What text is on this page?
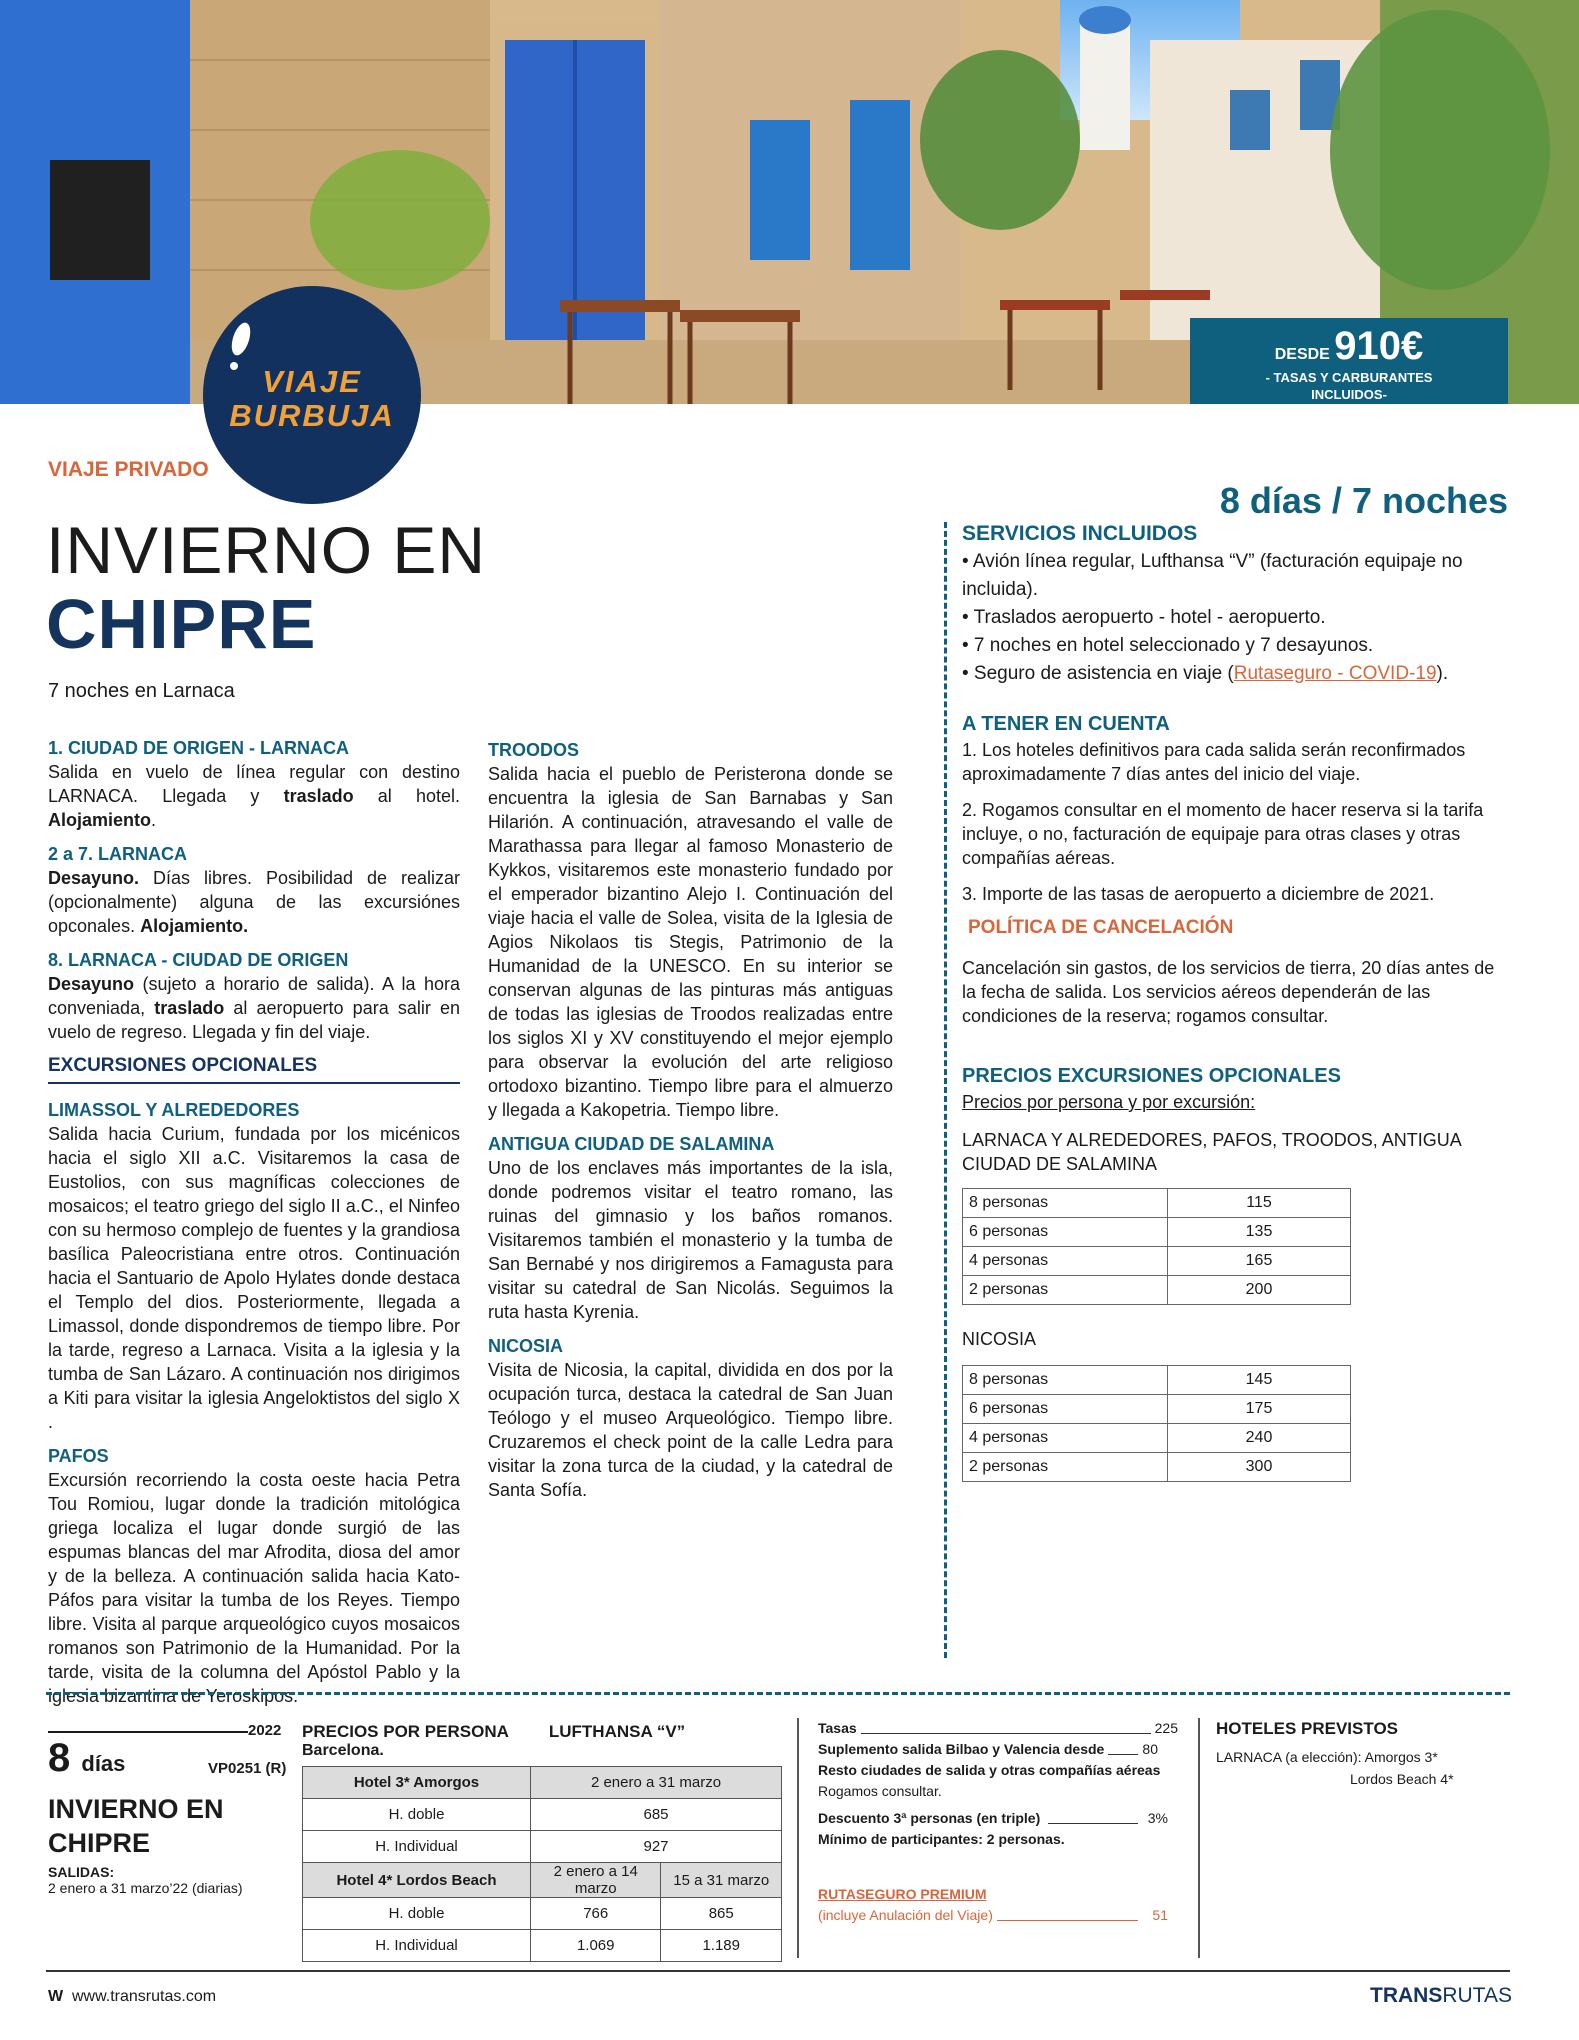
DESDE 910€
- TASAS Y CARBURANTES
INCLUIDOS-
VIAJE
BURBUJA
VIAJE PRIVADO
INVIERNO EN
CHIPRE
7 noches en Larnaca
8 días / 7 noches
1. CIUDAD DE ORIGEN - LARNACA

Salida en vuelo de línea regular con destino LARNACA. Llegada y traslado al hotel. Alojamiento.

2 a 7. LARNACA

Desayuno. Días libres. Posibilidad de realizar (opcionalmente) alguna de las excursiónes opconales. Alojamiento.

8. LARNACA - CIUDAD DE ORIGEN

Desayuno (sujeto a horario de salida). A la hora conveniada, traslado al aeropuerto para salir en vuelo de regreso. Llegada y fin del viaje.

EXCURSIONES OPCIONALES
LIMASSOL Y ALREDEDORES

Salida hacia Curium, fundada por los micénicos hacia el siglo XII a.C. Visitaremos la casa de Eustolios, con sus magníficas colecciones de mosaicos; el teatro griego del siglo II a.C., el Ninfeo con su hermoso complejo de fuentes y la grandiosa basílica Paleocristiana entre otros. Continuación hacia el Santuario de Apolo Hylates donde destaca el Templo del dios. Posteriormente, llegada a Limassol, donde dispondremos de tiempo libre. Por la tarde, regreso a Larnaca. Visita a la iglesia y la tumba de San Lázaro. A continuación nos dirigimos a Kiti para visitar la iglesia Angeloktistos del siglo X .

PAFOS

Excursión recorriendo la costa oeste hacia Petra Tou Romiou, lugar donde la tradición mitológica griega localiza el lugar donde surgió de las espumas blancas del mar Afrodita, diosa del amor y de la belleza. A continuación salida hacia Kato-Páfos para visitar la tumba de los Reyes. Tiempo libre. Visita al parque arqueológico cuyos mosaicos romanos son Patrimonio de la Humanidad. Por la tarde, visita de la columna del Apóstol Pablo y la iglesia bizantina de Yeroskipos.

TROODOS

Salida hacia el pueblo de Peristerona donde se encuentra la iglesia de San Barnabas y San Hilarión. A continuación, atravesando el valle de Marathassa para llegar al famoso Monasterio de Kykkos, visitaremos este monasterio fundado por el emperador bizantino Alejo I. Continuación del viaje hacia el valle de Solea, visita de la Iglesia de Agios Nikolaos tis Stegis, Patrimonio de la Humanidad de la UNESCO. En su interior se conservan algunas de las pinturas más antiguas de todas las iglesias de Troodos realizadas entre los siglos XI y XV constituyendo el mejor ejemplo para observar la evolución del arte religioso ortodoxo bizantino. Tiempo libre para el almuerzo y llegada a Kakopetria. Tiempo libre.

ANTIGUA CIUDAD DE SALAMINA

Uno de los enclaves más importantes de la isla, donde podremos visitar el teatro romano, las ruinas del gimnasio y los baños romanos. Visitaremos también el monasterio y la tumba de San Bernabé y nos dirigiremos a Famagusta para visitar su catedral de San Nicolás. Seguimos la ruta hasta Kyrenia.

NICOSIA

Visita de Nicosia, la capital, dividida en dos por la ocupación turca, destaca la catedral de San Juan Teólogo y el museo Arqueológico. Tiempo libre. Cruzaremos el check point de la calle Ledra para visitar la zona turca de la ciudad, y la catedral de Santa Sofía.

SERVICIOS INCLUIDOS

• Avión línea regular, Lufthansa “V” (facturación equipaje no incluida).

• Traslados aeropuerto - hotel - aeropuerto.

• 7 noches en hotel seleccionado y 7 desayunos.

• Seguro de asistencia en viaje (Rutaseguro - COVID-19).

A TENER EN CUENTA

1. Los hoteles definitivos para cada salida serán reconfirmados aproximadamente 7 días antes del inicio del viaje.

2. Rogamos consultar en el momento de hacer reserva si la tarifa incluye, o no, facturación de equipaje para otras clases y otras compañías aéreas.

3. Importe de las tasas de aeropuerto a diciembre de 2021.

POLÍTICA DE CANCELACIÓN

Cancelación sin gastos, de los servicios de tierra, 20 días antes de la fecha de salida. Los servicios aéreos dependerán de las condiciones de la reserva; rogamos consultar.

PRECIOS EXCURSIONES OPCIONALES

Precios por persona y por excursión:

LARNACA Y ALREDEDORES, PAFOS, TROODOS, ANTIGUA CIUDAD DE SALAMINA

8 personas	115
6 personas	135
4 personas	165
2 personas	200

NICOSIA

8 personas	145
6 personas	175
4 personas	240
2 personas	300
2022
8 días	VP0251 (R)
INVIERNO EN
CHIPRE
SALIDAS:
2 enero a 31 marzo’22 (diarias)
PRECIOS POR PERSONA LUFTHANSA “V”
Barcelona.
Hotel 3* Amorgos	2 enero a 31 marzo	
H. doble	685	
H. Individual	927	
Hotel 4* Lordos Beach	2 enero a 14 marzo	15 a 31 marzo
H. doble	766	865
H. Individual	1.069	1.189
Tasas	225
Suplemento salida Bilbao y Valencia desde	80
Resto ciudades de salida y otras compañías aéreas
Rogamos consultar.
Descuento 3ª personas (en triple)	3%
Mínimo de participantes: 2 personas.
RUTASEGURO PREMIUM
(incluye Anulación del Viaje)	51
HOTELES PREVISTOS
LARNACA (a elección): Amorgos 3*
Lordos Beach 4*
W www.transrutas.com	TRANSRUTAS
